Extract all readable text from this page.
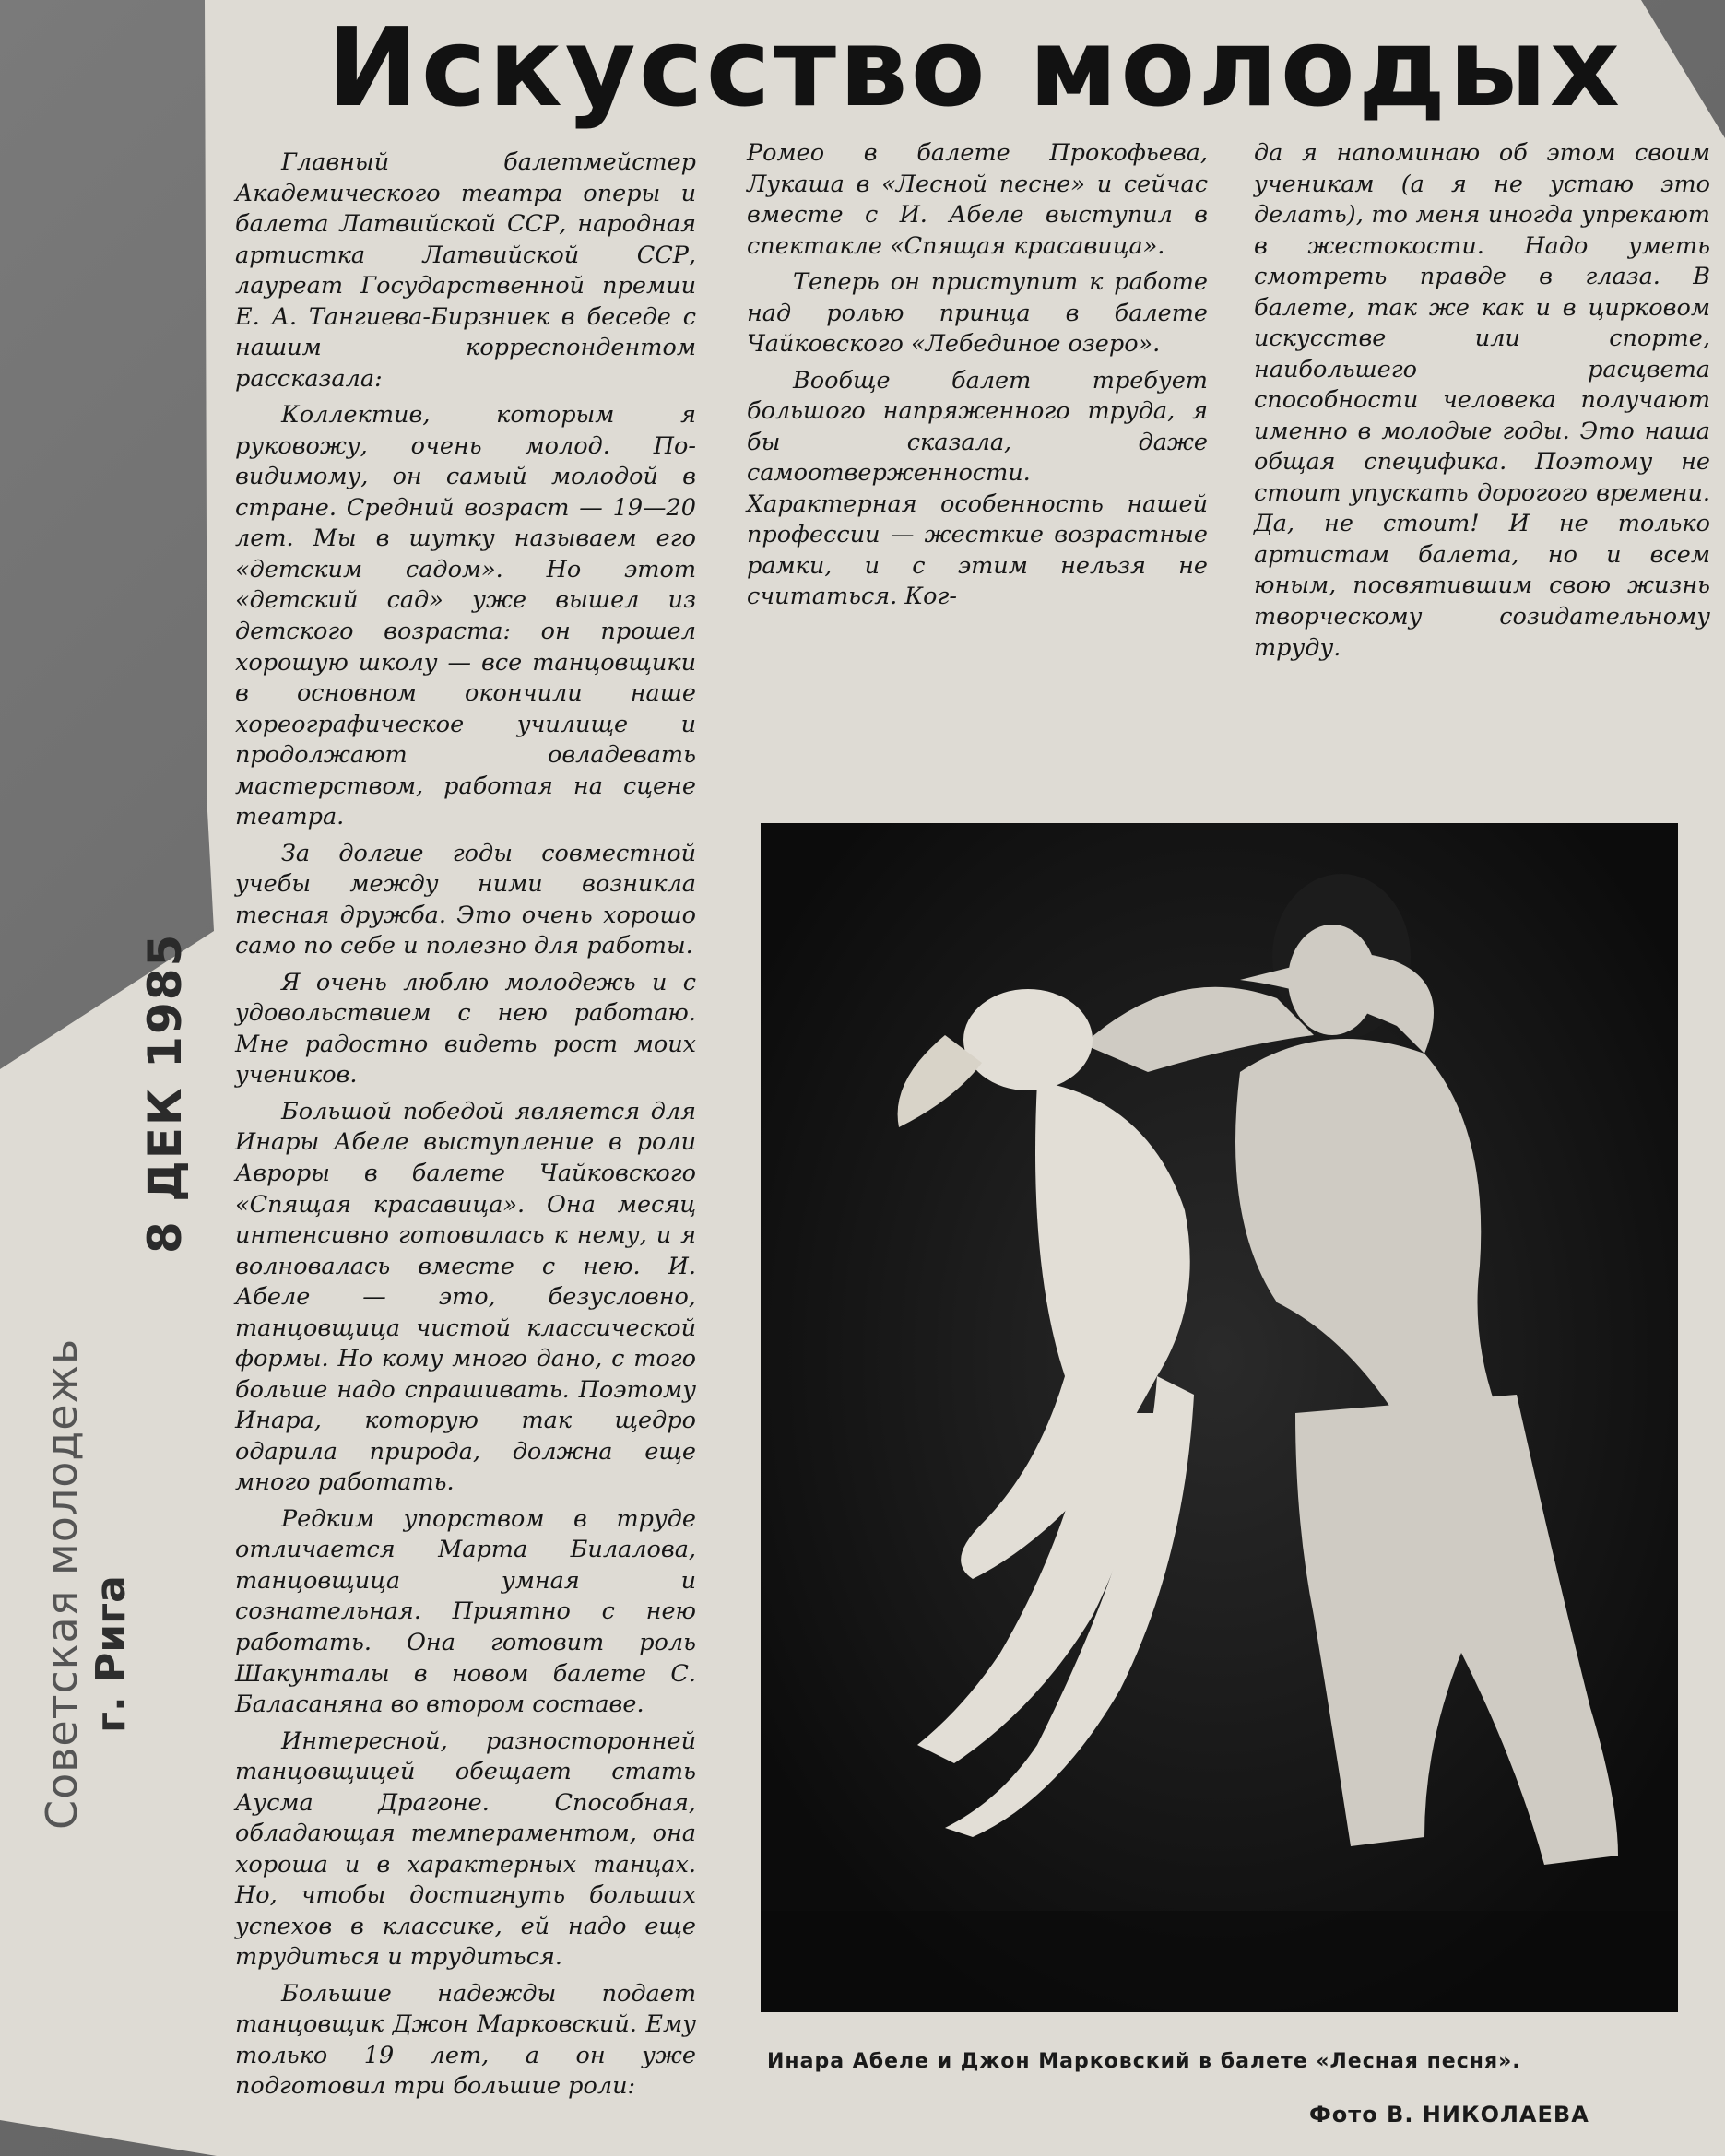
8 ДЕК 1985
Советская молодежь г. Рига
Искусство молодых

Главный балетмейстер Академического театра оперы и балета Латвийской ССР, народная артистка Латвийской ССР, лауреат Государственной премии Е. А. Тангиева-Бирзниек в беседе с нашим корреспондентом рассказала:

Коллектив, которым я руковожу, очень молод. По-видимому, он самый молодой в стране. Средний возраст — 19—20 лет. Мы в шутку называем его «детским садом». Но этот «детский сад» уже вышел из детского возраста: он прошел хорошую школу — все танцовщики в основном окончили наше хореографическое училище и продолжают овладевать мастерством, работая на сцене театра.

За долгие годы совместной учебы между ними возникла тесная дружба. Это очень хорошо само по себе и полезно для работы.

Я очень люблю молодежь и с удовольствием с нею работаю. Мне радостно видеть рост моих учеников.

Большой победой является для Инары Абеле выступление в роли Авроры в балете Чайковского «Спящая красавица». Она месяц интенсивно готовилась к нему, и я волновалась вместе с нею. И. Абеле — это, безусловно, танцовщица чистой классической формы. Но кому много дано, с того больше надо спрашивать. Поэтому Инара, которую так щедро одарила природа, должна еще много работать.

Редким упорством в труде отличается Марта Билалова, танцовщица умная и сознательная. Приятно с нею работать. Она готовит роль Шакунталы в новом балете С. Баласаняна во втором составе.

Интересной, разносторонней танцовщицей обещает стать Аусма Драгоне. Способная, обладающая темпераментом, она хороша и в характерных танцах. Но, чтобы достигнуть больших успехов в классике, ей надо еще трудиться и трудиться.

Большие надежды подает танцовщик Джон Марковский. Ему только 19 лет, а он уже подготовил три большие роли:

Ромео в балете Прокофьева, Лукаша в «Лесной песне» и сейчас вместе с И. Абеле выступил в спектакле «Спящая красавица».

Теперь он приступит к работе над ролью принца в балете Чайковского «Лебединое озеро».

Вообще балет требует большого напряженного труда, я бы сказала, даже самоотверженности. Характерная особенность нашей профессии — жесткие возрастные рамки, и с этим нельзя не считаться. Ког-

да я напоминаю об этом своим ученикам (а я не устаю это делать), то меня иногда упрекают в жестокости. Надо уметь смотреть правде в глаза. В балете, так же как и в цирковом искусстве или спорте, наибольшего расцвета способности человека получают именно в молодые годы. Это наша общая специфика. Поэтому не стоит упускать дорогого времени. Да, не стоит! И не только артистам балета, но и всем юным, посвятившим свою жизнь творческому созидательному труду.

Инара Абеле и Джон Марковский в балете «Лесная песня».
Фото В. НИКОЛАЕВА
